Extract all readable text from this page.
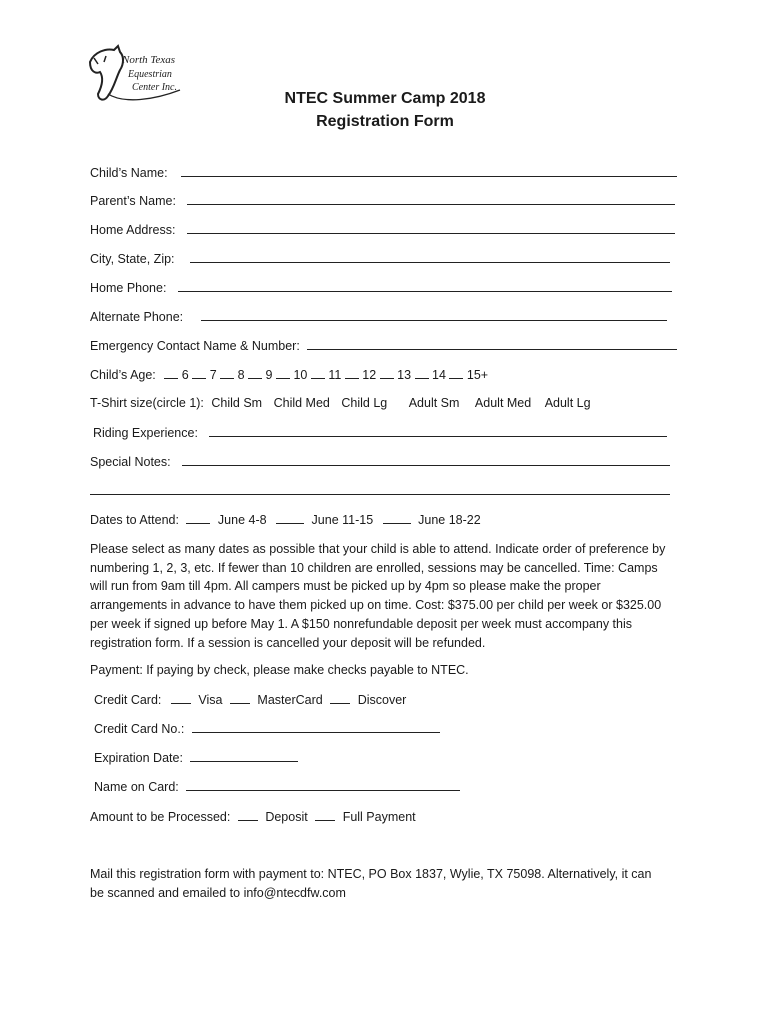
North Texas
Equestrian
Center Inc.
NTEC Summer Camp 2018
Registration Form
Child’s Name:
Parent’s Name:
Home Address:
City, State, Zip:
Home Phone:
Alternate Phone:
Emergency Contact Name & Number:
Child’s Age: 6 7 8 9 10 11 12 13 14 15+
T-Shirt size(circle 1): Child Sm Child Med Child Lg Adult Sm Adult Med Adult Lg
Riding Experience:
Special Notes:
Dates to Attend:	June 4-8	June 11-15	June 18-22
Please select as many dates as possible that your child is able to attend. Indicate order of preference by
numbering 1, 2, 3, etc. If fewer than 10 children are enrolled, sessions may be cancelled. Time: Camps
will run from 9am till 4pm. All campers must be picked up by 4pm so please make the proper
arrangements in advance to have them picked up on time. Cost: $375.00 per child per week or $325.00
per week if signed up before May 1. A $150 nonrefundable deposit per week must accompany this
registration form. If a session is cancelled your deposit will be refunded.
Payment: If paying by check, please make checks payable to NTEC.
Credit Card:	Visa	MasterCard	Discover
Credit Card No.:
Expiration Date:
Name on Card:
Amount to be Processed:	Deposit	Full Payment
Mail this registration form with payment to: NTEC, PO Box 1837, Wylie, TX 75098. Alternatively, it can
be scanned and emailed to info@ntecdfw.com
